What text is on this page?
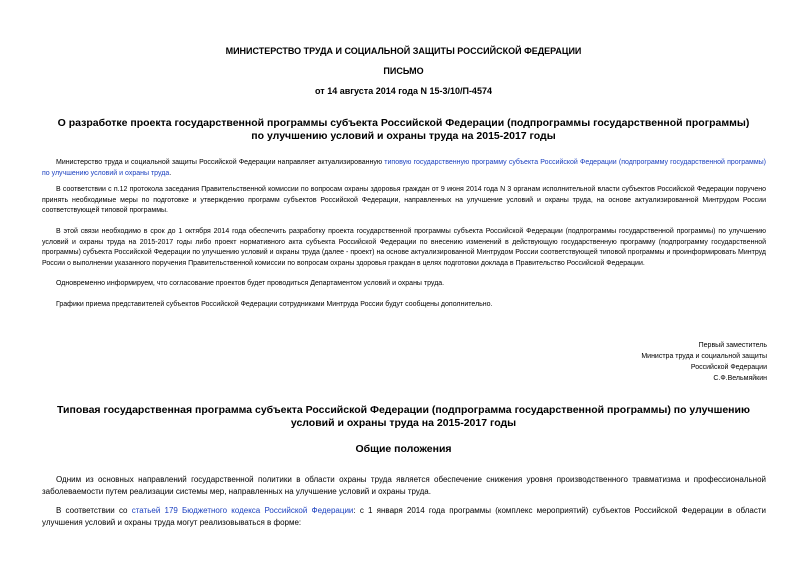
МИНИСТЕРСТВО ТРУДА И СОЦИАЛЬНОЙ ЗАЩИТЫ РОССИЙСКОЙ ФЕДЕРАЦИИ
ПИСЬМО
от 14 августа 2014 года N 15-3/10/П-4574
О разработке проекта государственной программы субъекта Российской Федерации (подпрограммы государственной программы) по улучшению условий и охраны труда на 2015-2017 годы
Министерство труда и социальной защиты Российской Федерации направляет актуализированную типовую государственную программу субъекта Российской Федерации (подпрограмму государственной программы) по улучшению условий и охраны труда.
В соответствии с п.12 протокола заседания Правительственной комиссии по вопросам охраны здоровья граждан от 9 июня 2014 года N 3 органам исполнительной власти субъектов Российской Федерации поручено принять необходимые меры по подготовке и утверждению программ субъектов Российской Федерации, направленных на улучшение условий и охраны труда, на основе актуализированной Минтрудом России соответствующей типовой программы.
В этой связи необходимо в срок до 1 октября 2014 года обеспечить разработку проекта государственной программы субъекта Российской Федерации (подпрограммы государственной программы) по улучшению условий и охраны труда на 2015-2017 годы либо проект нормативного акта субъекта Российской Федерации по внесению изменений в действующую государственную программу (подпрограмму государственной программы) субъекта Российской Федерации по улучшению условий и охраны труда (далее - проект) на основе актуализированной Минтрудом России соответствующей типовой программы и проинформировать Минтруд России о выполнении указанного поручения Правительственной комиссии по вопросам охраны здоровья граждан в целях подготовки доклада в Правительство Российской Федерации.
Одновременно информируем, что согласование проектов будет проводиться Департаментом условий и охраны труда.
Графики приема представителей субъектов Российской Федерации сотрудниками Минтруда России будут сообщены дополнительно.
Первый заместитель
Министра труда и социальной защиты
Российской Федерации
С.Ф.Вельмяйкин
Типовая государственная программа субъекта Российской Федерации (подпрограмма государственной программы) по улучшению условий и охраны труда на 2015-2017 годы
Общие положения
Одним из основных направлений государственной политики в области охраны труда является обеспечение снижения уровня производственного травматизма и профессиональной заболеваемости путем реализации системы мер, направленных на улучшение условий и охраны труда.
В соответствии со статьей 179 Бюджетного кодекса Российской Федерации: с 1 января 2014 года программы (комплекс мероприятий) субъектов Российской Федерации в области улучшения условий и охраны труда могут реализовываться в форме:
